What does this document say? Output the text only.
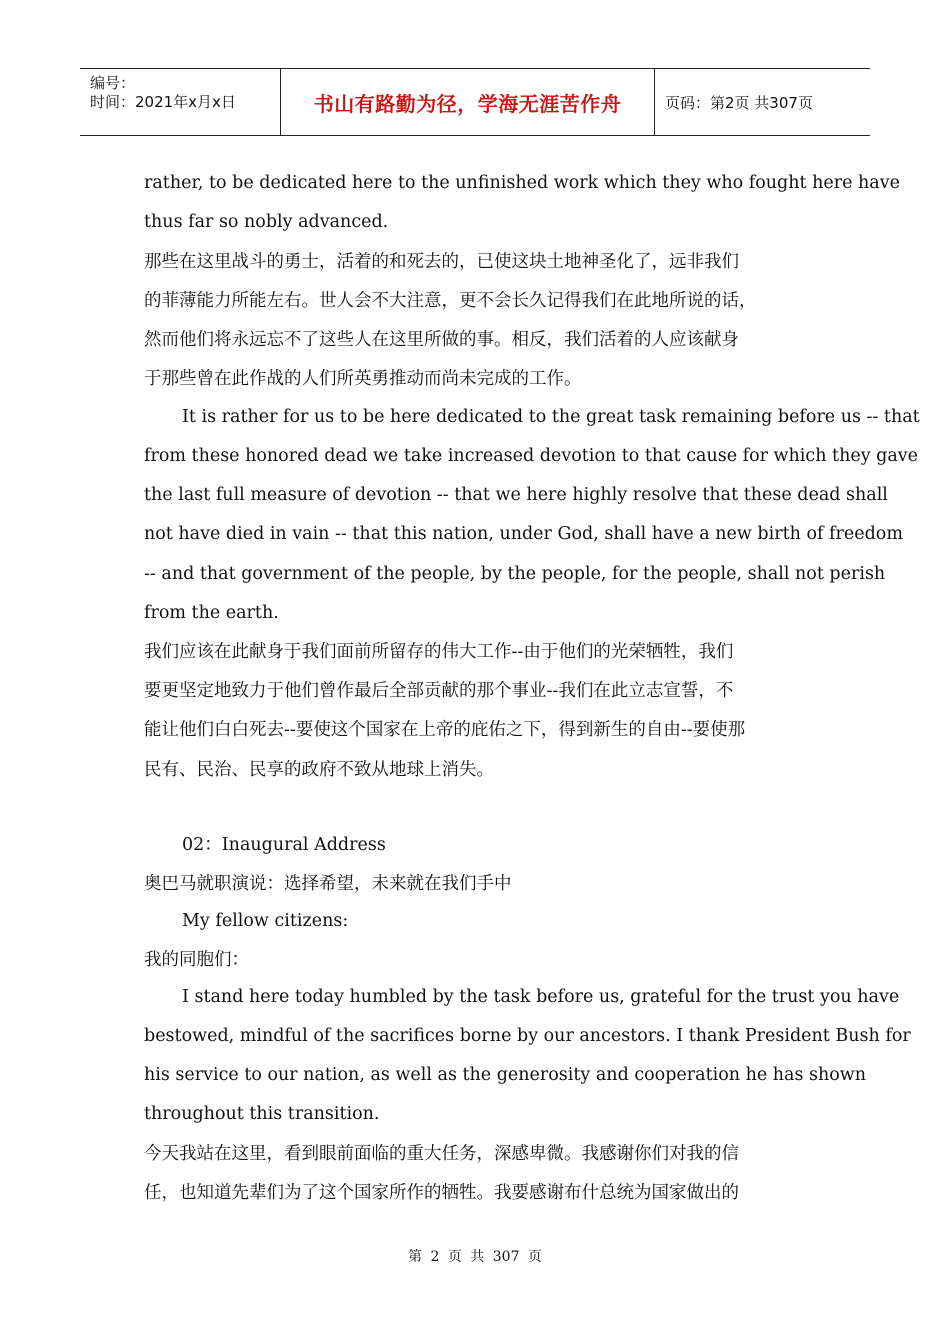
编号：
时间：2021年x月x日	书山有路勤为径，学海无涯苦作舟	页码：第2页 共307页
rather, to be dedicated here to the unfinished work which they who fought here have
thus far so nobly advanced.
那些在这里战斗的勇士，活着的和死去的，已使这块土地神圣化了，远非我们
的菲薄能力所能左右。世人会不大注意，更不会长久记得我们在此地所说的话，
然而他们将永远忘不了这些人在这里所做的事。相反，我们活着的人应该献身
于那些曾在此作战的人们所英勇推动而尚未完成的工作。
It is rather for us to be here dedicated to the great task remaining before us -- that
from these honored dead we take increased devotion to that cause for which they gave
the last full measure of devotion -- that we here highly resolve that these dead shall
not have died in vain -- that this nation, under God, shall have a new birth of freedom
-- and that government of the people, by the people, for the people, shall not perish
from the earth.
我们应该在此献身于我们面前所留存的伟大工作--由于他们的光荣牺牲，我们
要更坚定地致力于他们曾作最后全部贡献的那个事业--我们在此立志宣誓，不
能让他们白白死去--要使这个国家在上帝的庇佑之下，得到新生的自由--要使那
民有、民治、民享的政府不致从地球上消失。
02：Inaugural Address
奥巴马就职演说：选择希望，未来就在我们手中
My fellow citizens:
我的同胞们：
I stand here today humbled by the task before us, grateful for the trust you have
bestowed, mindful of the sacrifices borne by our ancestors. I thank President Bush for
his service to our nation, as well as the generosity and cooperation he has shown
throughout this transition.
今天我站在这里，看到眼前面临的重大任务，深感卑微。我感谢你们对我的信
任，也知道先辈们为了这个国家所作的牺牲。我要感谢布什总统为国家做出的
第 2 页 共 307 页
